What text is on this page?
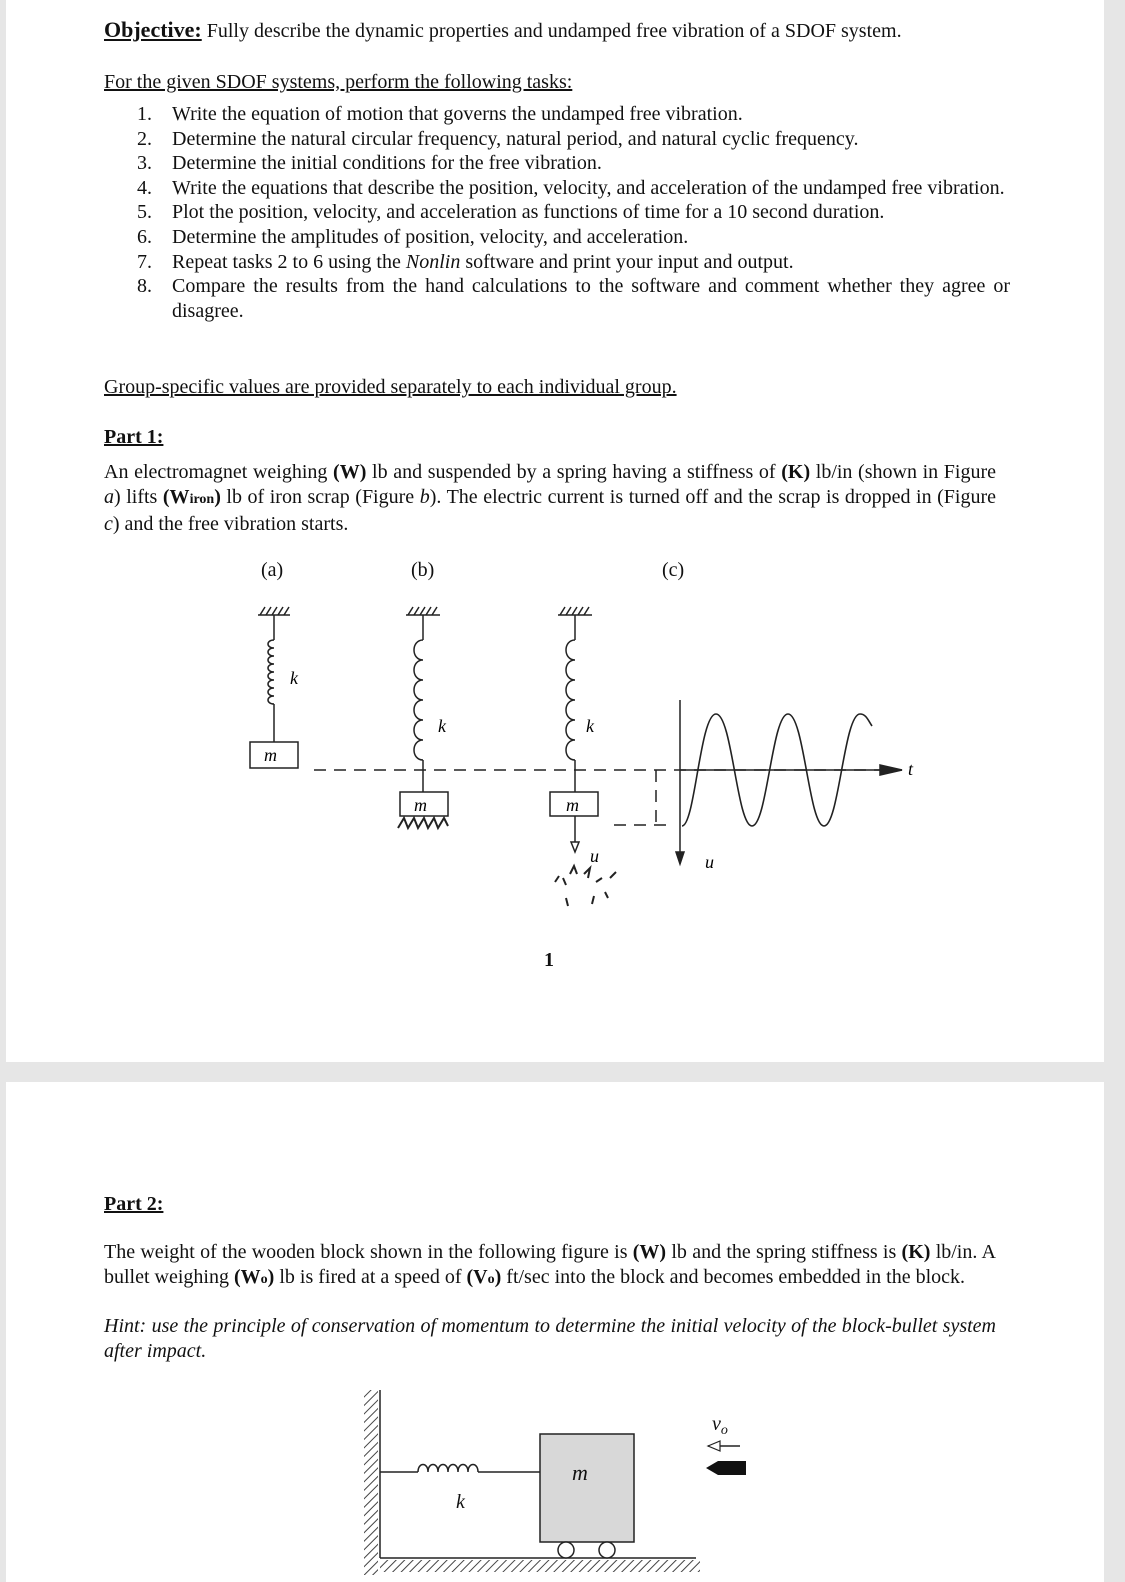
Objective: Fully describe the dynamic properties and undamped free vibration of a SDOF system.
For the given SDOF systems, perform the following tasks:
1. Write the equation of motion that governs the undamped free vibration.
2. Determine the natural circular frequency, natural period, and natural cyclic frequency.
3. Determine the initial conditions for the free vibration.
4. Write the equations that describe the position, velocity, and acceleration of the undamped free vibration.
5. Plot the position, velocity, and acceleration as functions of time for a 10 second duration.
6. Determine the amplitudes of position, velocity, and acceleration.
7. Repeat tasks 2 to 6 using the Nonlin software and print your input and output.
8. Compare the results from the hand calculations to the software and comment whether they agree or disagree.
Group-specific values are provided separately to each individual group.
Part 1:
An electromagnet weighing (W) lb and suspended by a spring having a stiffness of (K) lb/in (shown in Figure a) lifts (Wiron) lb of iron scrap (Figure b). The electric current is turned off and the scrap is dropped in (Figure c) and the free vibration starts.
(a)	(b)	(c)
k
m
k
m
k
m
u
t
u
1
Part 2:
The weight of the wooden block shown in the following figure is (W) lb and the spring stiffness is (K) lb/in. A bullet weighing (Wo) lb is fired at a speed of (Vo) ft/sec into the block and becomes embedded in the block.
Hint: use the principle of conservation of momentum to determine the initial velocity of the block-bullet system after impact.
k
m
$v_o$
